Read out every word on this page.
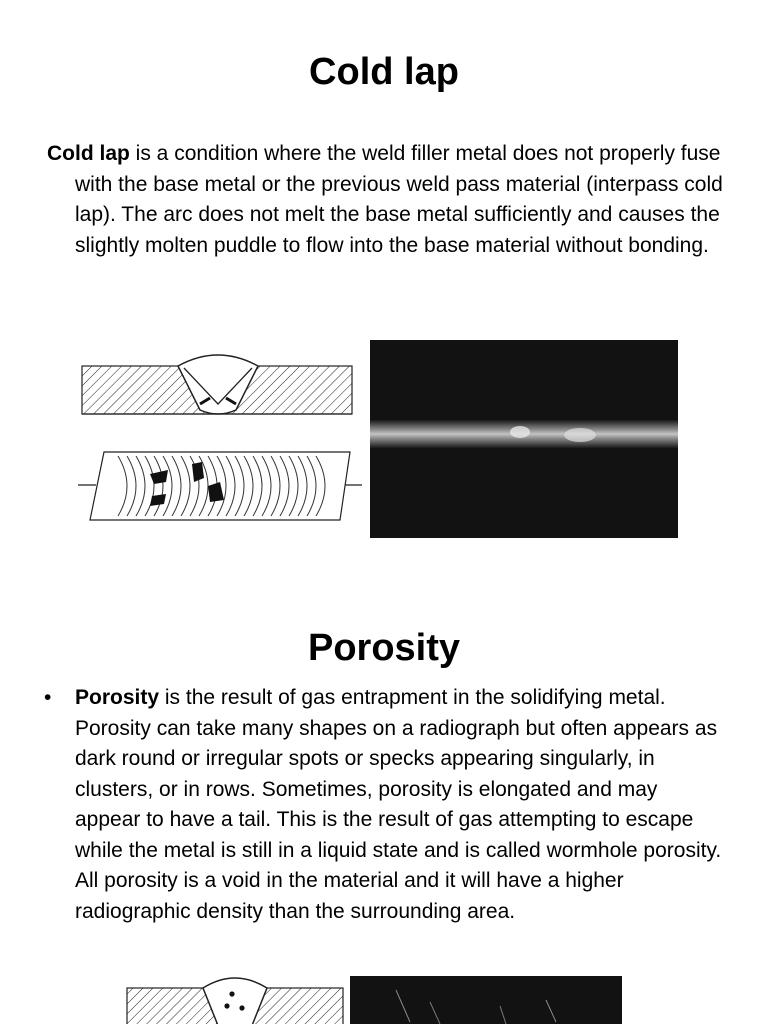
Cold lap

Cold lap is a condition where the weld filler metal does not properly fuse with the base metal or the previous weld pass material (interpass cold lap). The arc does not melt the base metal sufficiently and causes the slightly molten puddle to flow into the base material without bonding.

Porosity
• Porosity is the result of gas entrapment in the solidifying metal. Porosity can take many shapes on a radiograph but often appears as dark round or irregular spots or specks appearing singularly, in clusters, or in rows. Sometimes, porosity is elongated and may appear to have a tail. This is the result of gas attempting to escape while the metal is still in a liquid state and is called wormhole porosity. All porosity is a void in the material and it will have a higher radiographic density than the surrounding area.
